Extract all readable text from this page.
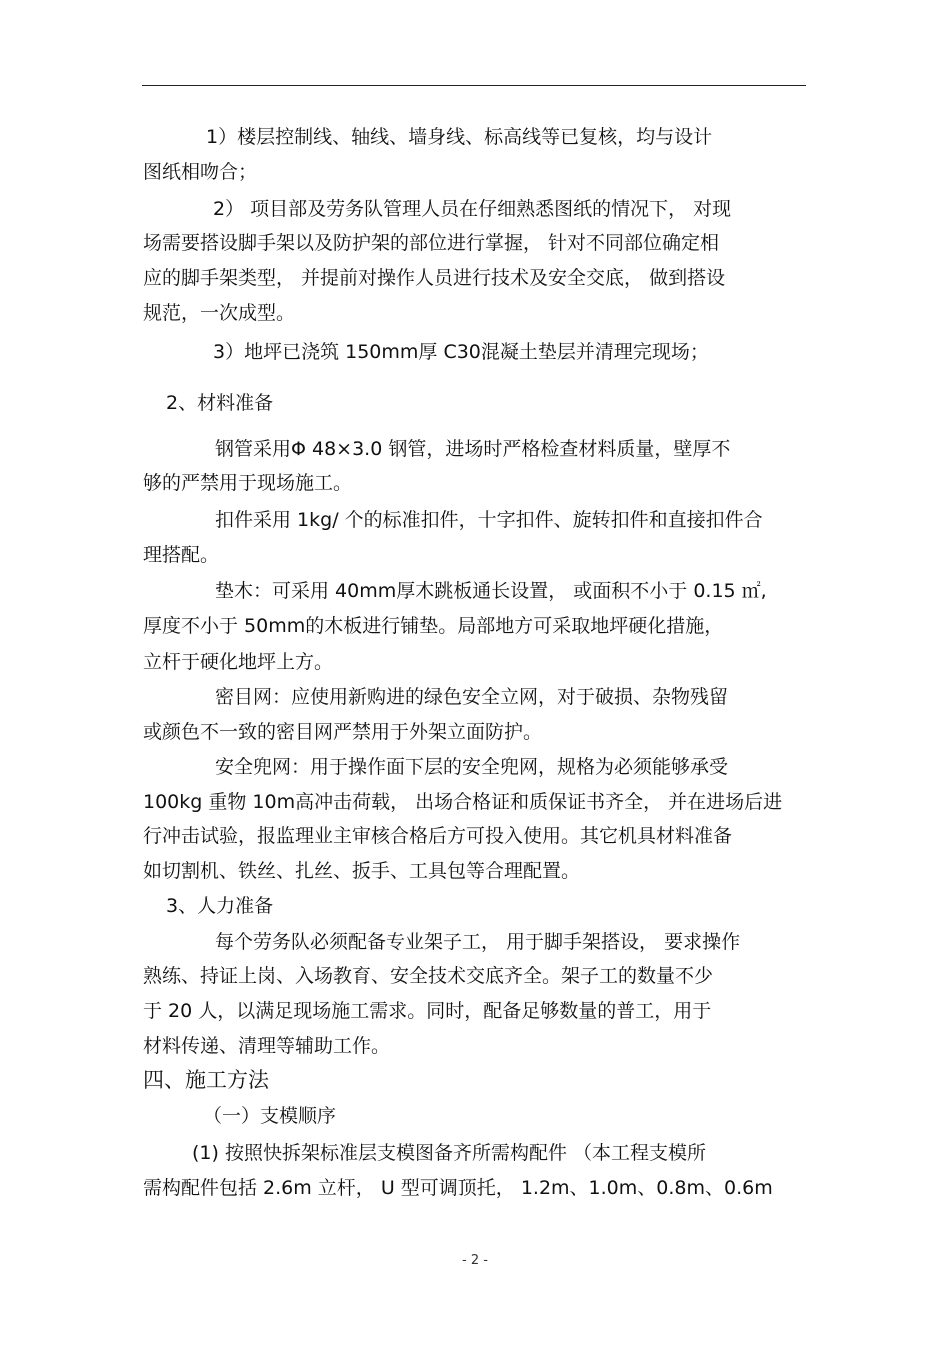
1）楼层控制线、轴线、墙身线、标高线等已复核，均与设计
图纸相吻合；
2） 项目部及劳务队管理人员在仔细熟悉图纸的情况下， 对现
场需要搭设脚手架以及防护架的部位进行掌握， 针对不同部位确定相
应的脚手架类型， 并提前对操作人员进行技术及安全交底， 做到搭设
规范，一次成型。
3）地坪已浇筑 150mm厚 C30混凝土垫层并清理完现场；
2、材料准备
钢管采用Φ 48×3.0 钢管，进场时严格检查材料质量，壁厚不
够的严禁用于现场施工。
扣件采用 1kg/ 个的标准扣件，十字扣件、旋转扣件和直接扣件合
理搭配。
垫木：可采用 40mm厚木跳板通长设置， 或面积不小于 0.15 ㎡,
厚度不小于 50mm的木板进行铺垫。局部地方可采取地坪硬化措施，
立杆于硬化地坪上方。
密目网：应使用新购进的绿色安全立网，对于破损、杂物残留
或颜色不一致的密目网严禁用于外架立面防护。
安全兜网：用于操作面下层的安全兜网，规格为必须能够承受
100kg 重物 10m高冲击荷载， 出场合格证和质保证书齐全， 并在进场后进
行冲击试验，报监理业主审核合格后方可投入使用。其它机具材料准备
如切割机、铁丝、扎丝、扳手、工具包等合理配置。
3、人力准备
每个劳务队必须配备专业架子工， 用于脚手架搭设， 要求操作
熟练、持证上岗、入场教育、安全技术交底齐全。架子工的数量不少
于 20 人，以满足现场施工需求。同时，配备足够数量的普工，用于
材料传递、清理等辅助工作。
四、施工方法
（一）支模顺序
(1) 按照快拆架标准层支模图备齐所需构配件 （本工程支模所
需构配件包括 2.6m 立杆， U 型可调顶托， 1.2m、1.0m、0.8m、0.6m
- 2 -
